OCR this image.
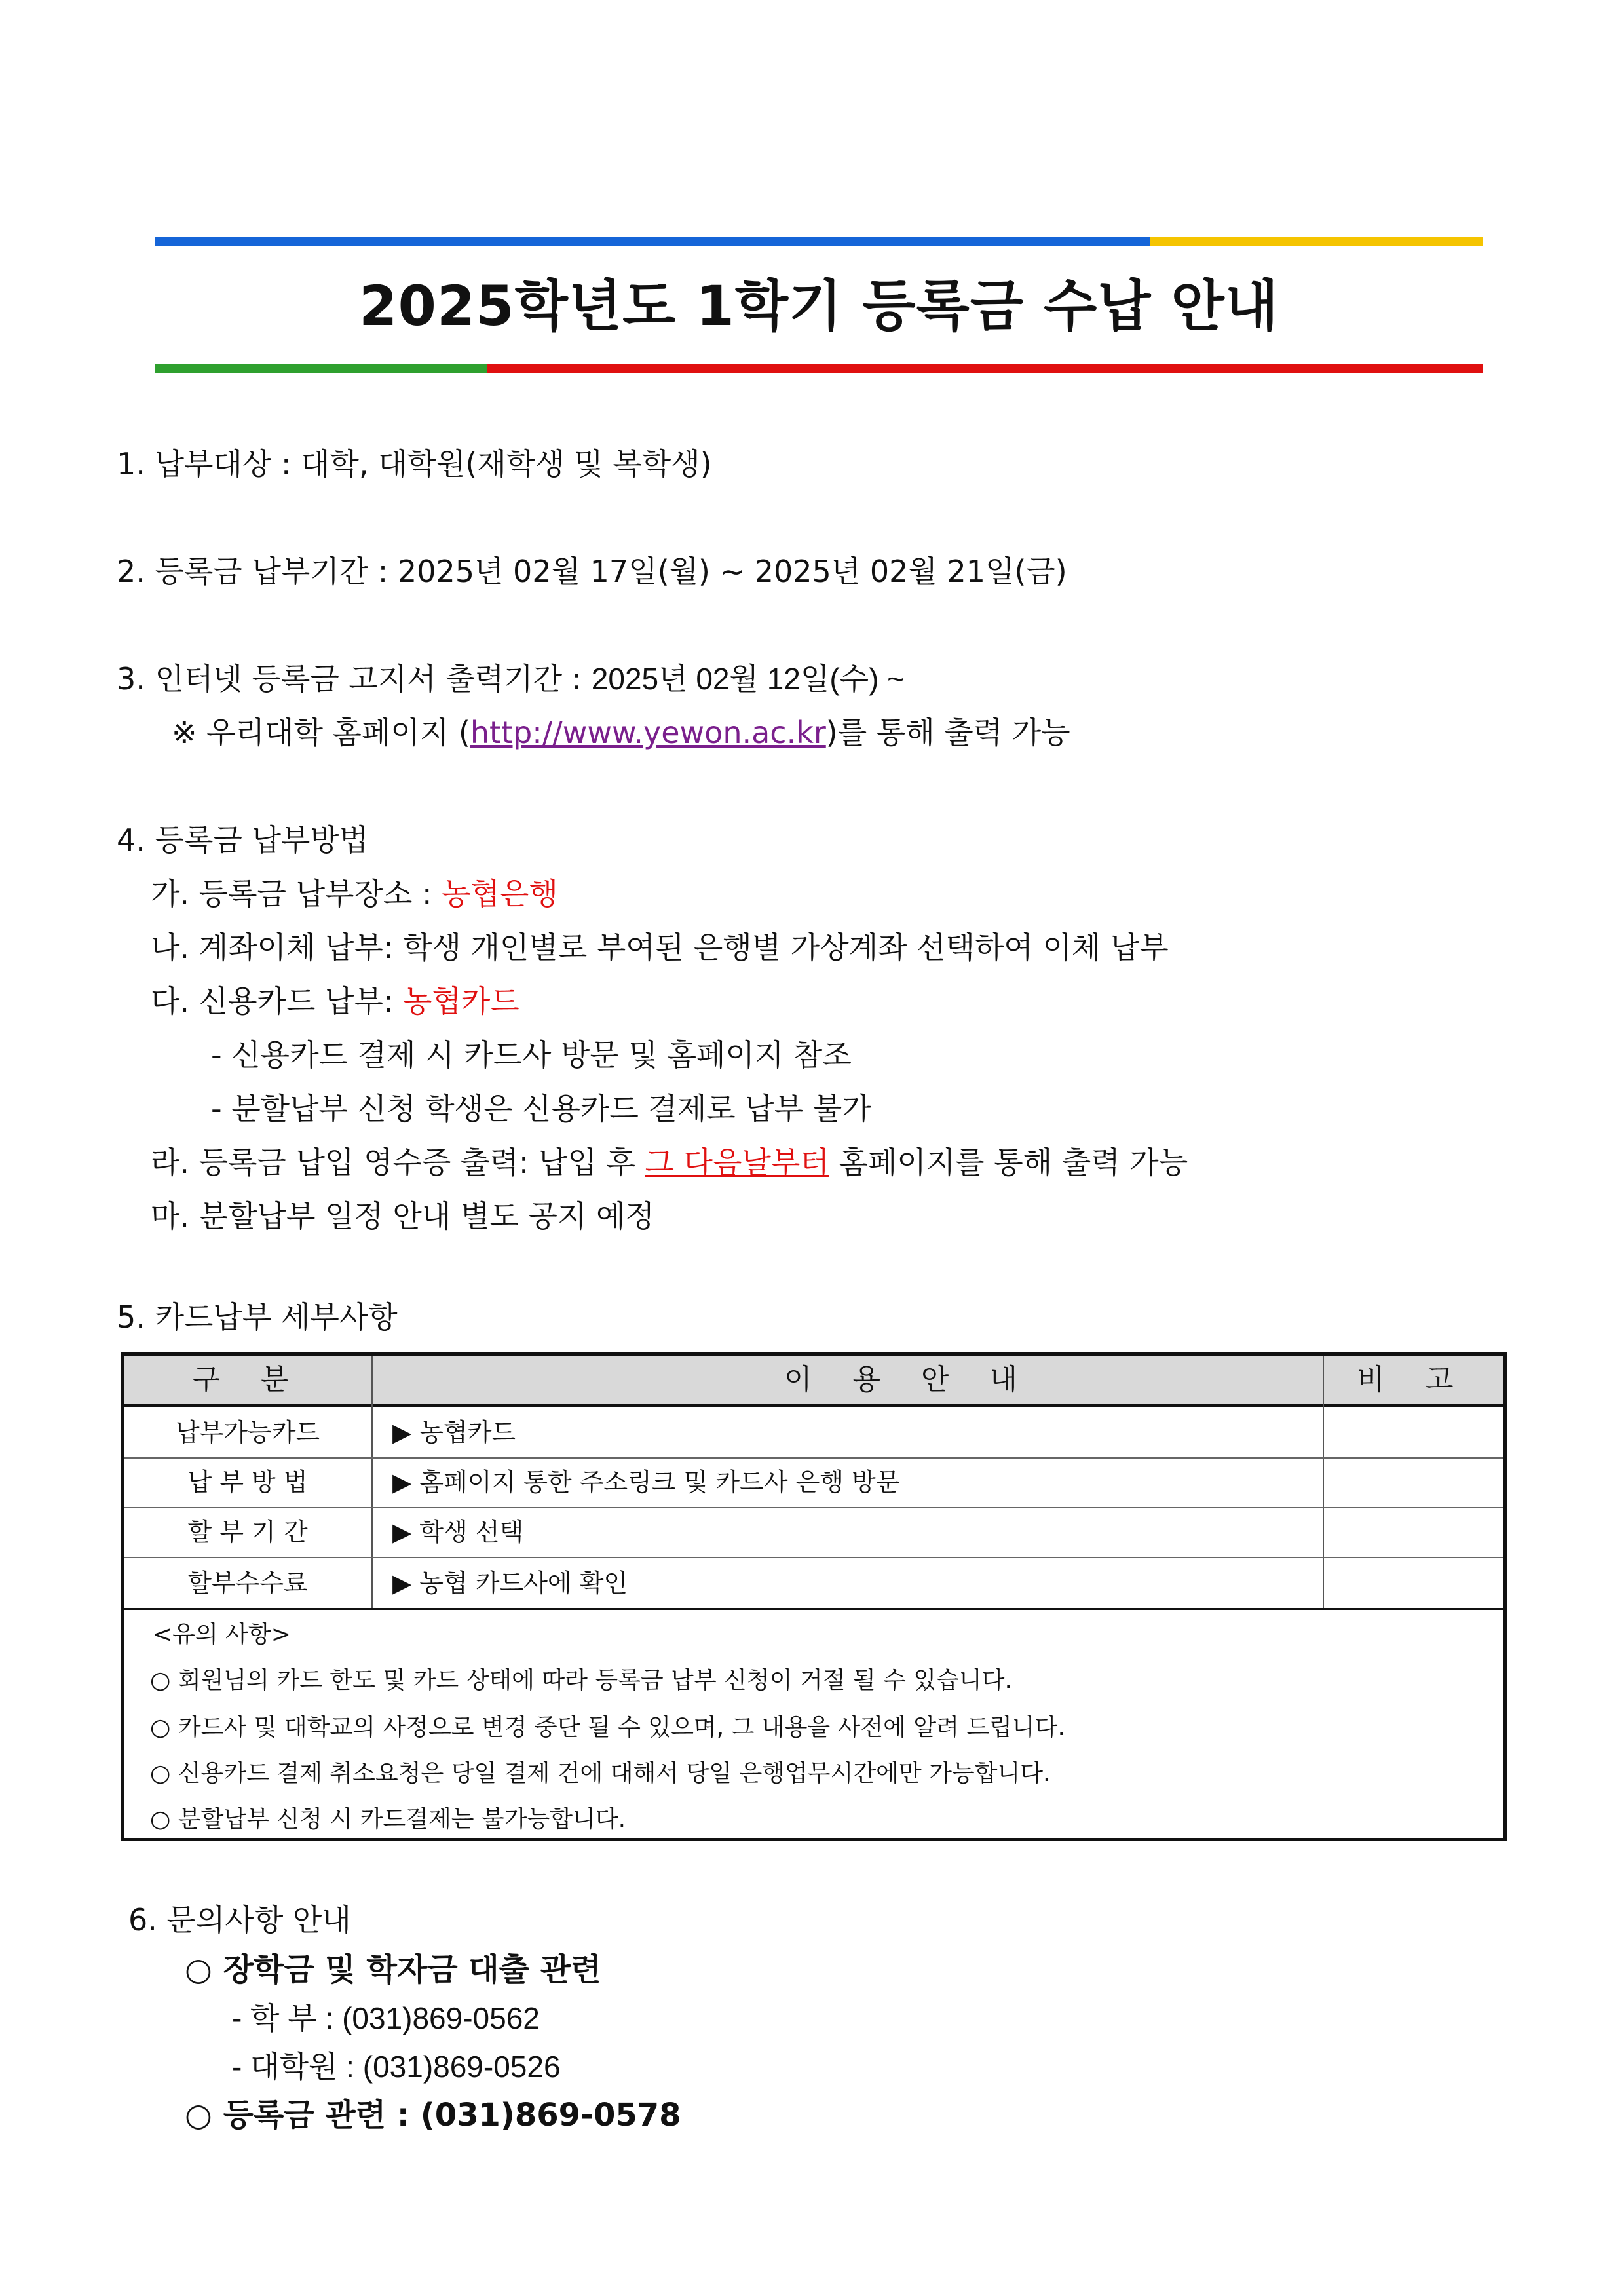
2025학년도 1학기 등록금 수납 안내
1. 납부대상 : 대학, 대학원(재학생 및 복학생)
2. 등록금 납부기간 : 2025년 02월 17일(월) ~ 2025년 02월 21일(금)
3. 인터넷 등록금 고지서 출력기간 : 2025년 02월 12일(수) ~
※ 우리대학 홈페이지 (http://www.yewon.ac.kr)를 통해 출력 가능
4. 등록금 납부방법
가. 등록금 납부장소 : 농협은행
나. 계좌이체 납부: 학생 개인별로 부여된 은행별 가상계좌 선택하여 이체 납부
다. 신용카드 납부: 농협카드
- 신용카드 결제 시 카드사 방문 및 홈페이지 참조
- 분할납부 신청 학생은 신용카드 결제로 납부 불가
라. 등록금 납입 영수증 출력: 납입 후 그 다음날부터 홈페이지를 통해 출력 가능
마. 분할납부 일정 안내 별도 공지 예정
5. 카드납부 세부사항
구 분	이 용 안 내	비 고
납부가능카드	▶ 농협카드
납 부 방 법	▶ 홈페이지 통한 주소링크 및 카드사 은행 방문
할 부 기 간	▶ 학생 선택
할부수수료	▶ 농협 카드사에 확인
<유의 사항>
○ 회원님의 카드 한도 및 카드 상태에 따라 등록금 납부 신청이 거절 될 수 있습니다.
○ 카드사 및 대학교의 사정으로 변경 중단 될 수 있으며, 그 내용을 사전에 알려 드립니다.
○ 신용카드 결제 취소요청은 당일 결제 건에 대해서 당일 은행업무시간에만 가능합니다.
○ 분할납부 신청 시 카드결제는 불가능합니다.
6. 문의사항 안내
○ 장학금 및 학자금 대출 관련
- 학 부 : (031)869-0562
- 대학원 : (031)869-0526
○ 등록금 관련 : (031)869-0578
